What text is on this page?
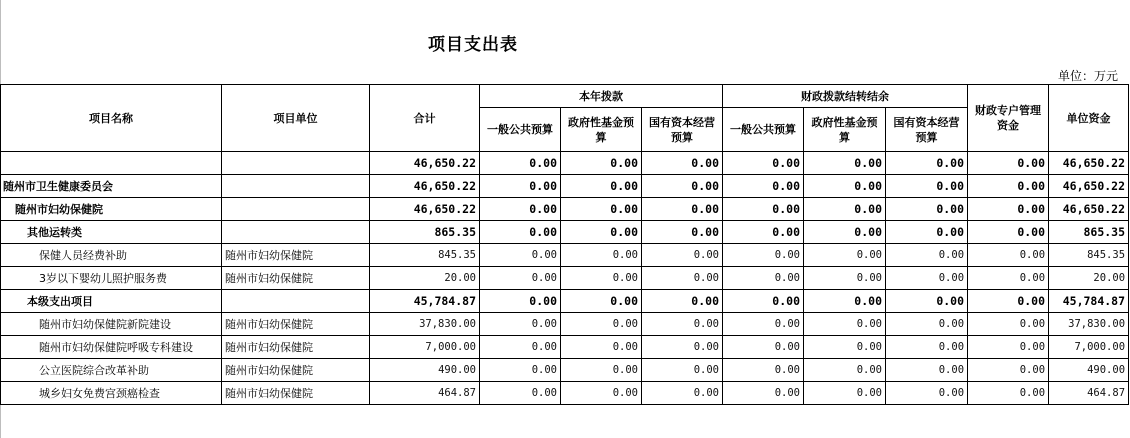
项目支出表
单位：万元
项目名称	项目单位	合计	本年拨款			财政拨款结转结余			财政专户管理资金	单位资金
			一般公共预算	政府性基金预算	国有资本经营预算	一般公共预算	政府性基金预算	国有资本经营预算		
		46,650.22	0.00	0.00	0.00	0.00	0.00	0.00	0.00	46,650.22
随州市卫生健康委员会		46,650.22	0.00	0.00	0.00	0.00	0.00	0.00	0.00	46,650.22
随州市妇幼保健院		46,650.22	0.00	0.00	0.00	0.00	0.00	0.00	0.00	46,650.22
其他运转类		865.35	0.00	0.00	0.00	0.00	0.00	0.00	0.00	865.35
保健人员经费补助	随州市妇幼保健院	845.35	0.00	0.00	0.00	0.00	0.00	0.00	0.00	845.35
3岁以下婴幼儿照护服务费	随州市妇幼保健院	20.00	0.00	0.00	0.00	0.00	0.00	0.00	0.00	20.00
本级支出项目		45,784.87	0.00	0.00	0.00	0.00	0.00	0.00	0.00	45,784.87
随州市妇幼保健院新院建设	随州市妇幼保健院	37,830.00	0.00	0.00	0.00	0.00	0.00	0.00	0.00	37,830.00
随州市妇幼保健院呼吸专科建设	随州市妇幼保健院	7,000.00	0.00	0.00	0.00	0.00	0.00	0.00	0.00	7,000.00
公立医院综合改革补助	随州市妇幼保健院	490.00	0.00	0.00	0.00	0.00	0.00	0.00	0.00	490.00
城乡妇女免费宫颈癌检查	随州市妇幼保健院	464.87	0.00	0.00	0.00	0.00	0.00	0.00	0.00	464.87
